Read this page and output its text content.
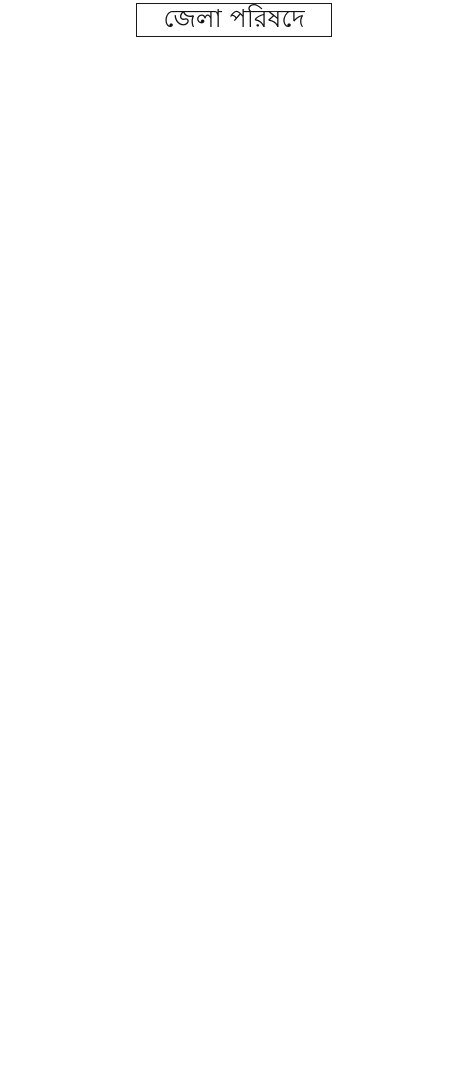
জেলা পরিষদে
